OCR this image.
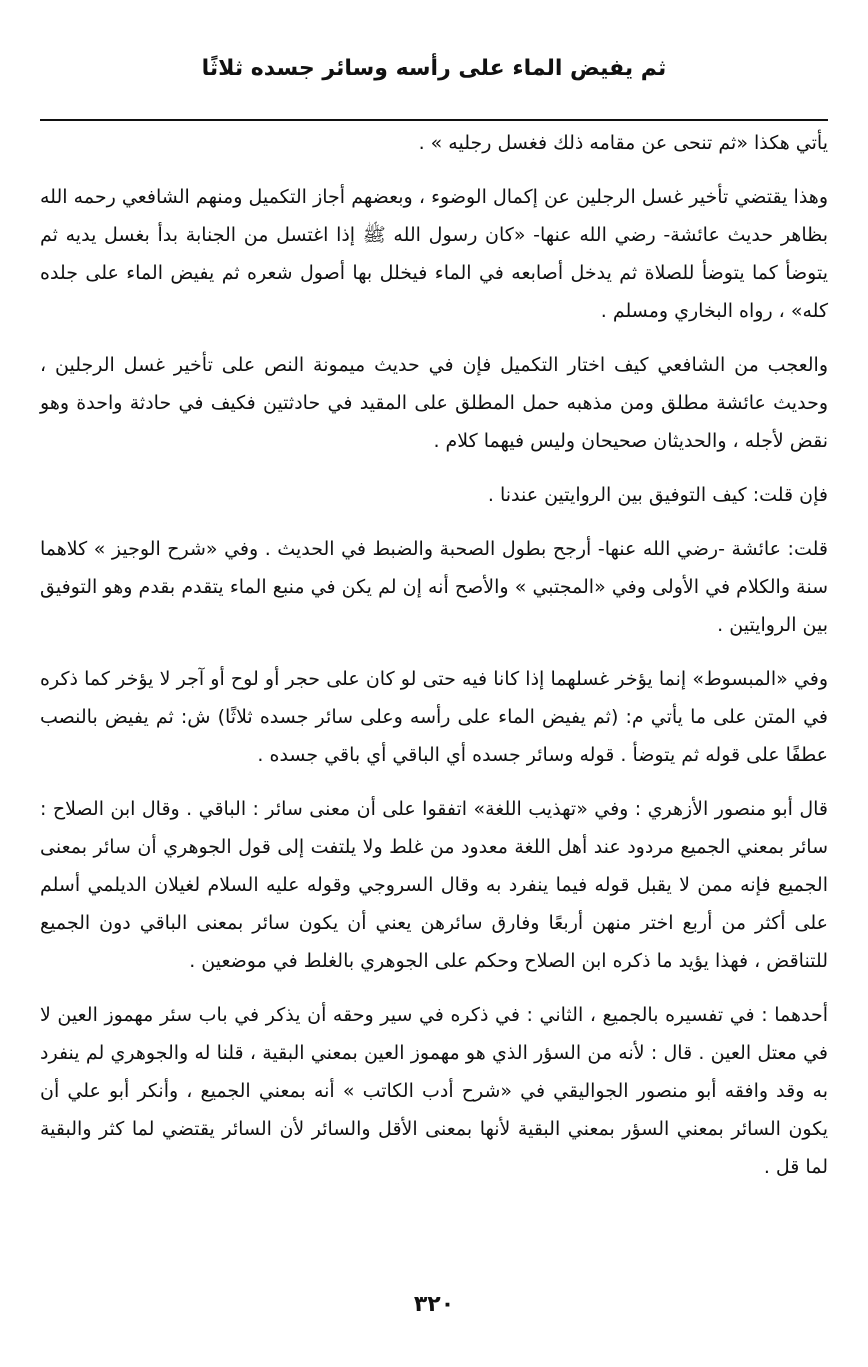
ثم يفيض الماء على رأسه وسائر جسده ثلاثًا

يأتي هكذا «ثم تنحى عن مقامه ذلك فغسل رجليه » .

وهذا يقتضي تأخير غسل الرجلين عن إكمال الوضوء ، وبعضهم أجاز التكميل ومنهم الشافعي رحمه الله بظاهر حديث عائشة- رضي الله عنها- «كان رسول الله ﷺ إذا اغتسل من الجنابة بدأ بغسل يديه ثم يتوضأ كما يتوضأ للصلاة ثم يدخل أصابعه في الماء فيخلل بها أصول شعره ثم يفيض الماء على جلده كله» ، رواه البخاري ومسلم .

والعجب من الشافعي كيف اختار التكميل فإن في حديث ميمونة النص على تأخير غسل الرجلين ، وحديث عائشة مطلق ومن مذهبه حمل المطلق على المقيد في حادثتين فكيف في حادثة واحدة وهو نقض لأجله ، والحديثان صحيحان وليس فيهما كلام .

فإن قلت: كيف التوفيق بين الروايتين عندنا .

قلت: عائشة -رضي الله عنها- أرجح بطول الصحبة والضبط في الحديث . وفي «شرح الوجيز » كلاهما سنة والكلام في الأولى وفي «المجتبي » والأصح أنه إن لم يكن في منبع الماء يتقدم بقدم وهو التوفيق بين الروايتين .

وفي «المبسوط» إنما يؤخر غسلهما إذا كانا فيه حتى لو كان على حجر أو لوح أو آجر لا يؤخر كما ذكره في المتن على ما يأتي م: (ثم يفيض الماء على رأسه وعلى سائر جسده ثلاثًا) ش: ثم يفيض بالنصب عطفًا على قوله ثم يتوضأ . قوله وسائر جسده أي الباقي أي باقي جسده .

قال أبو منصور الأزهري : وفي «تهذيب اللغة» اتفقوا على أن معنى سائر : الباقي . وقال ابن الصلاح : سائر بمعني الجميع مردود عند أهل اللغة معدود من غلط ولا يلتفت إلى قول الجوهري أن سائر بمعنى الجميع فإنه ممن لا يقبل قوله فيما ينفرد به وقال السروجي وقوله عليه السلام لغيلان الديلمي أسلم على أكثر من أربع اختر منهن أربعًا وفارق سائرهن يعني أن يكون سائر بمعنى الباقي دون الجميع للتناقض ، فهذا يؤيد ما ذكره ابن الصلاح وحكم على الجوهري بالغلط في موضعين .

أحدهما : في تفسيره بالجميع ، الثاني : في ذكره في سير وحقه أن يذكر في باب سئر مهموز العين لا في معتل العين . قال : لأنه من السؤر الذي هو مهموز العين بمعني البقية ، قلنا له والجوهري لم ينفرد به وقد وافقه أبو منصور الجواليقي في «شرح أدب الكاتب » أنه بمعني الجميع ، وأنكر أبو علي أن يكون السائر بمعني السؤر بمعني البقية لأنها بمعنى الأقل والسائر لأن السائر يقتضي لما كثر والبقية لما قل .

٣٢٠
